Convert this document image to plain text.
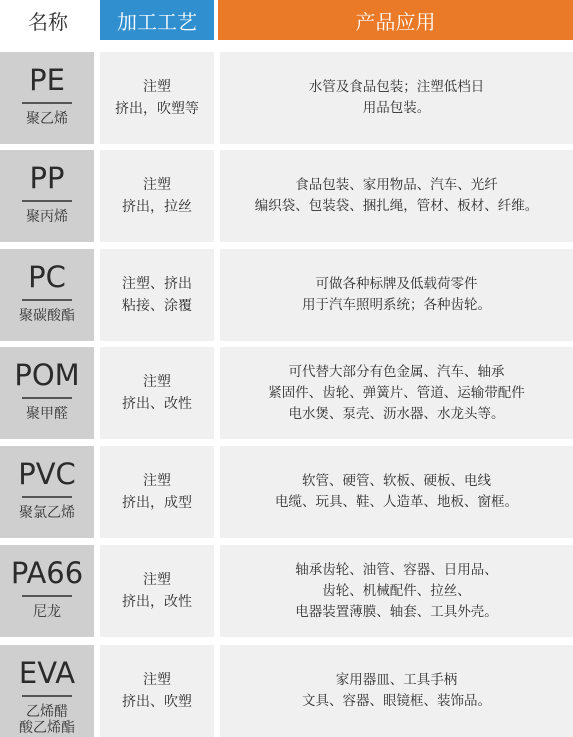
名称	加工工艺	产品应用
PE
聚乙烯
注塑
挤出，吹塑等
水管及食品包装；注塑低档日
用品包装。
PP
聚丙烯
注塑
挤出，拉丝
食品包装、家用物品、汽车、光纤
编织袋、包装袋、捆扎绳，管材、板材、纤维。
PC
聚碳酸酯
注塑、挤出
粘接、涂覆
可做各种标牌及低载荷零件
用于汽车照明系统；各种齿轮。
POM
聚甲醛
注塑
挤出、改性
可代替大部分有色金属、汽车、轴承
紧固件、齿轮、弹簧片、管道、运输带配件
电水煲、泵壳、沥水器、水龙头等。
PVC
聚氯乙烯
注塑
挤出，成型
软管、硬管、软板、硬板、电线
电缆、玩具、鞋、人造革、地板、窗框。
PA66
尼龙
注塑
挤出，改性
轴承齿轮、油管、容器、日用品、
齿轮、机械配件、拉丝、
电器装置薄膜、轴套、工具外壳。
EVA
乙烯醋
酸乙烯酯
注塑
挤出、吹塑
家用器皿、工具手柄
文具、容器、眼镜框、装饰品。
